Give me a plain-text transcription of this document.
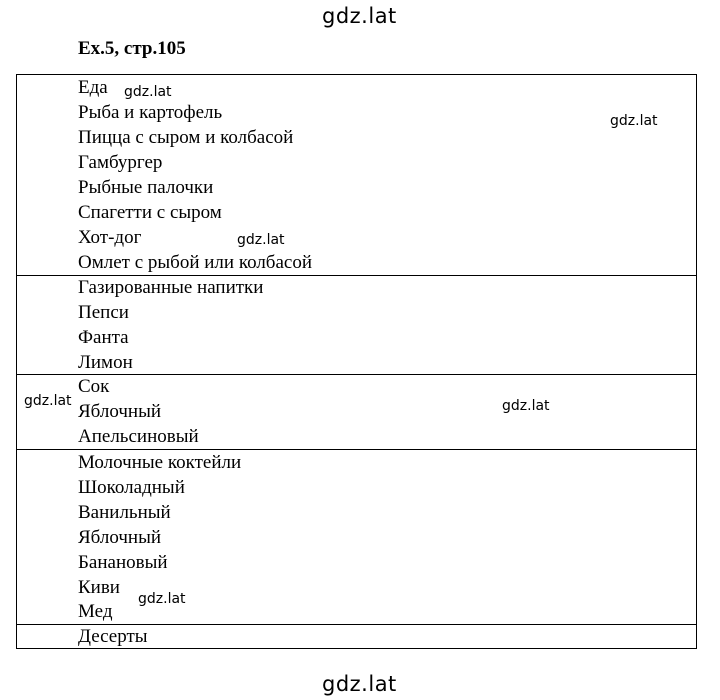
gdz.lat
Ex.5, стр.105
Еда
Рыба и картофель
Пицца с сыром и колбасой
Гамбургер
Рыбные палочки
Спагетти с сыром
Хот-дог
Омлет с рыбой или колбасой
Газированные напитки
Пепси
Фанта
Лимон
Сок
Яблочный
Апельсиновый
Молочные коктейли
Шоколадный
Ванильный
Яблочный
Банановый
Киви
Мед
Десерты
gdz.lat
gdz.lat
gdz.lat
gdz.lat	gdz.lat
gdz.lat
gdz.lat
